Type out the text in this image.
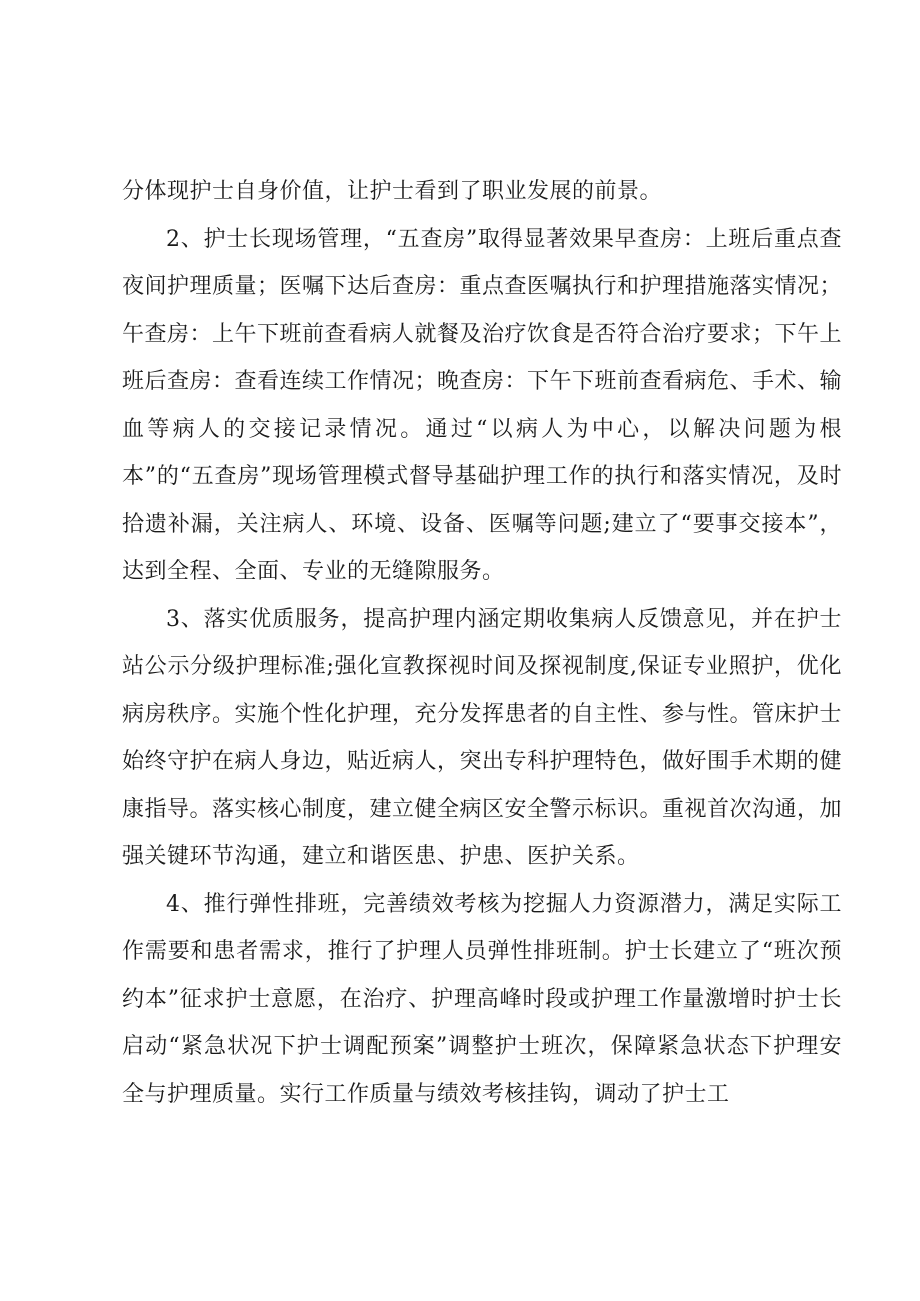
分体现护士自身价值，让护士看到了职业发展的前景。

2、护士长现场管理，“五查房”取得显著效果早查房：上班后重点查夜间护理质量；医嘱下达后查房：重点查医嘱执行和护理措施落实情况；午查房：上午下班前查看病人就餐及治疗饮食是否符合治疗要求；下午上班后查房：查看连续工作情况；晚查房：下午下班前查看病危、手术、输血等病人的交接记录情况。通过“以病人为中心，以解决问题为根本”的“五查房”现场管理模式督导基础护理工作的执行和落实情况，及时拾遗补漏，关注病人、环境、设备、医嘱等问题;建立了“要事交接本”，达到全程、全面、专业的无缝隙服务。

3、落实优质服务，提高护理内涵定期收集病人反馈意见，并在护士站公示分级护理标准;强化宣教探视时间及探视制度,保证专业照护，优化病房秩序。实施个性化护理，充分发挥患者的自主性、参与性。管床护士始终守护在病人身边，贴近病人，突出专科护理特色，做好围手术期的健康指导。落实核心制度，建立健全病区安全警示标识。重视首次沟通，加强关键环节沟通，建立和谐医患、护患、医护关系。

4、推行弹性排班，完善绩效考核为挖掘人力资源潜力，满足实际工作需要和患者需求，推行了护理人员弹性排班制。护士长建立了“班次预约本”征求护士意愿，在治疗、护理高峰时段或护理工作量激增时护士长启动“紧急状况下护士调配预案”调整护士班次，保障紧急状态下护理安全与护理质量。实行工作质量与绩效考核挂钩，调动了护士工
